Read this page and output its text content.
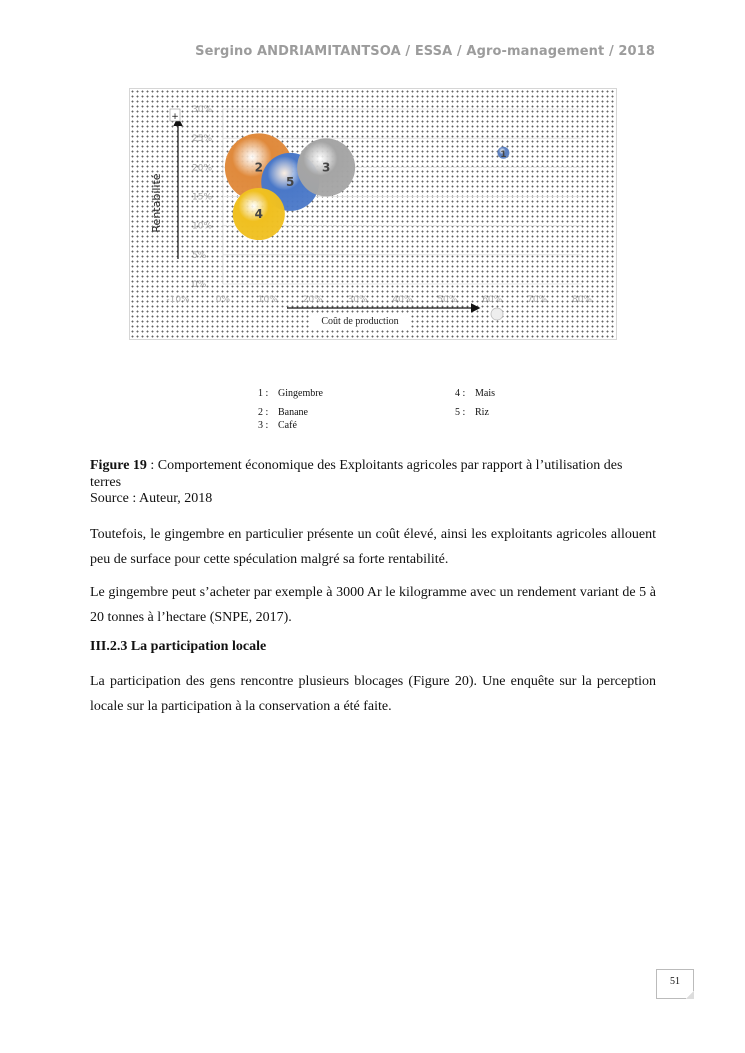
Sergino ANDRIAMITANTSOA / ESSA / Agro-management / 2018
0%
5%
10%
15%
20%
25%
30%
-10%	0%	10%	20%	30%	40%	50%	60%	70%	80%
Rentabilité
Coût de production
+
1
2
5
3
4
1 : Gingembre
2 : Banane
3 : Café
4 : Mais
5 : Riz
Figure 19 : Comportement économique des Exploitants agricoles par rapport à l’utilisation des terres
Source : Auteur, 2018
Toutefois, le gingembre en particulier présente un coût élevé, ainsi les exploitants agricoles allouent peu de surface pour cette spéculation malgré sa forte rentabilité.
Le gingembre peut s’acheter par exemple à 3000 Ar le kilogramme avec un rendement variant de 5 à 20 tonnes à l’hectare (SNPE, 2017).
III.2.3 La participation locale
La participation des gens rencontre plusieurs blocages (Figure 20). Une enquête sur la perception locale sur la participation à la conservation a été faite.
51
